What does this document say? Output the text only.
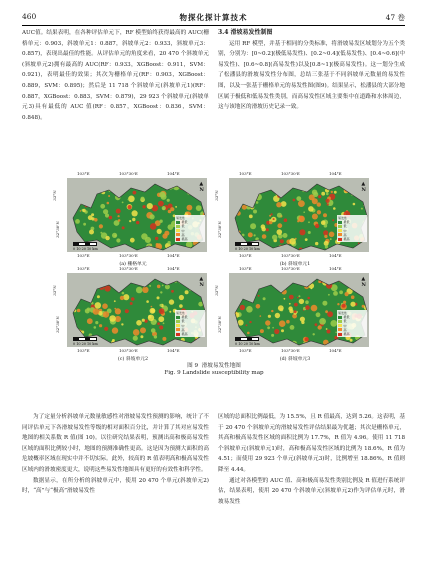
460	物探化探计算技术	47 卷

AUC值。结果表明，在各种评估单元下，RF 模型始终获得最高的 AUC(栅格单元：0.903，斜坡单元1：0.887，斜坡单元2：0.933，斜坡单元3：0.857)，表现出最佳的性能。从评估单元的角度来看，20 470 个斜坡单元(斜坡单元2)拥有最高的 AUC(RF：0.933，XGBoost：0.911，SVM：0.921)，表明最佳的效果；其次为栅格单元(RF：0.903，XGBoost：0.889，SVM：0.895)；然后是 11 718 个斜坡单元(斜坡单元1)(RF：0.887，XGBoost：0.883，SVM：0.879)，29 923 个斜坡单元(斜坡单元3)具有最低的 AUC 值(RF：0.857，XGBoost：0.836，SVM：0.848)。

3.4 滑坡易发性制图

运用 RF 模型，并基于相同的分类标准，将滑坡易发区域划分为五个类别，分别为：[0~0.2](极低易发性)、[0.2~0.4](低易发性)、[0.4~0.6](中易发性)、[0.6~0.8](高易发性)以及[0.8~1](极高易发性)。这一划分生成了松潘县的滑坡易发性分布图，总结三张基于不同斜坡单元数量的易发性图，以及一张基于栅格单元的易发性图(图9)。结果显示，松潘县的大部分地区属于极低和低易发性类别，而高易发性区域主要集中在道路和水体周边，这与该地区的滑坡历史记录一致。

103°E
103°E
103°30'E
103°30'E
104°E
104°E
33°N
32°30'N
▲
N
0 10 20 10 km
易发性
极低
低
中
高
极高
(a) 栅格单元
103°E
103°E
103°30'E
103°30'E
104°E
104°E
33°N
32°30'N
▲
N
0 10 20 10 km
易发性
极低
低
中
高
极高
(b) 斜坡单元1
103°E
103°E
103°30'E
103°30'E
104°E
104°E
33°N
32°30'N
▲
N
0 10 20 10 km
易发性
极低
低
中
高
极高
(c) 斜坡单元2
103°E
103°E
103°30'E
103°30'E
104°E
104°E
33°N
32°30'N
▲
N
0 10 20 10 km
易发性
极低
低
中
高
极高
(d) 斜坡单元3
图 9 滑坡易发性地图
Fig. 9 Landslide susceptibility map

为了定量分析斜坡单元数量敏感性对滑坡易发性预测的影响，统计了不同评估单元下各滑坡易发性等级的相对面积百分比，并计算了其对应易发性地图的相关系数 R 值(图 10)。以往研究结果表明，预测出高和极高易发性区域的面积比例较小时，地图的预测准确性更高。这是因为预测大面积的高危坡概率区域在现实中并不切实际。此外，较高的 R 值表明高和极高易发性区域内的滑坡密度更大，说明这些易发性地图具有更好的有效性和科学性。

数据显示，在所分析的斜坡单元中，使用 20 470 个单元(斜坡单元2)时，“高”与“极高”滑坡易发性

区域的总面积比例最低，为 15.5%，且 R 值最高，达到 5.26。这表明，基于 20 470 个斜坡单元的滑坡易发性评估结果最为优越；其次是栅格单元，其高和极高易发性区域的面积比例为 17.7%，R 值为 4.96。使用 11 718 个斜坡单元(斜坡单元1)时，高和极高易发性区域的比例为 18.6%，R 值为 4.51；而使用 29 923 个单元(斜坡单元3)时，比例增至 18.86%，R 值则降至 4.44。

通过对各模型的 AUC 值、高和极高易发性类别比例及 R 值进行系统评估，结果表明，使用 20 470 个斜坡单元(斜坡单元2)作为评估单元时，滑坡易发性
